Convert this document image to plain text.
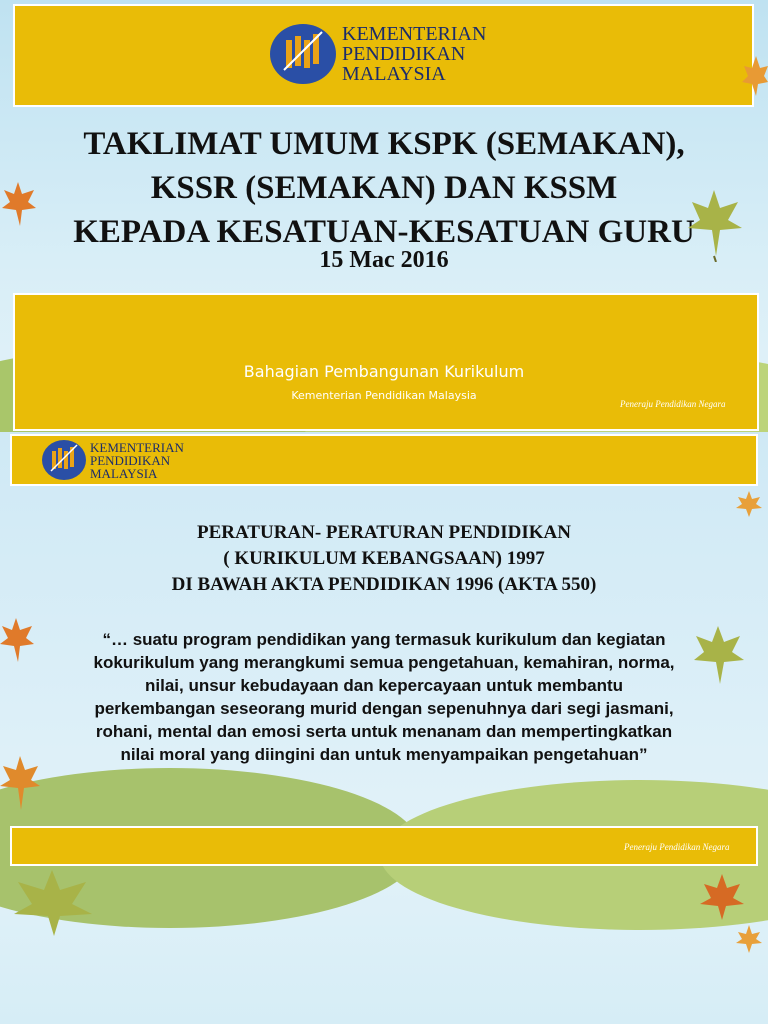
KEMENTERIAN
PENDIDIKAN
MALAYSIA
TAKLIMAT UMUM KSPK (SEMAKAN),
KSSR (SEMAKAN) DAN KSSM
KEPADA KESATUAN-KESATUAN GURU
15 Mac 2016
Bahagian Pembangunan Kurikulum
Kementerian Pendidikan Malaysia
Peneraju Pendidikan Negara
KEMENTERIAN
PENDIDIKAN
MALAYSIA
PERATURAN- PERATURAN PENDIDIKAN
( KURIKULUM KEBANGSAAN) 1997
DI BAWAH AKTA PENDIDIKAN 1996 (AKTA 550)
“… suatu program pendidikan yang termasuk kurikulum dan kegiatan
kokurikulum yang merangkumi semua pengetahuan, kemahiran, norma,
nilai, unsur kebudayaan dan kepercayaan untuk membantu
perkembangan seseorang murid dengan sepenuhnya dari segi jasmani,
rohani, mental dan emosi serta untuk menanam dan mempertingkatkan
nilai moral yang diingini dan untuk menyampaikan pengetahuan”
Peneraju Pendidikan Negara
